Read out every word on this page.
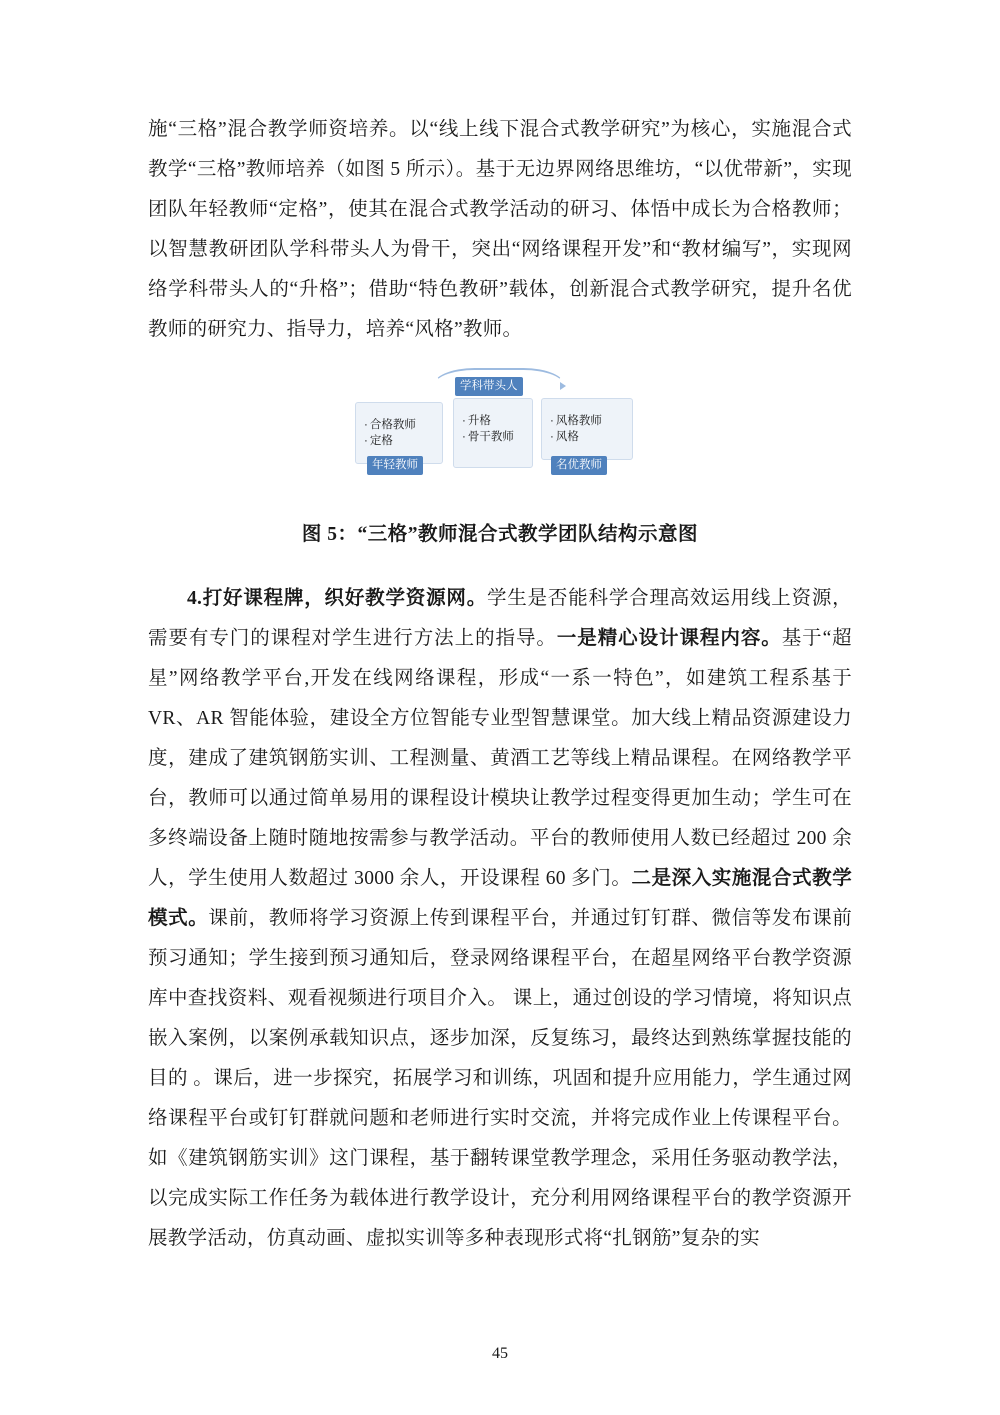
施“三格”混合教学师资培养。以“线上线下混合式教学研究”为核心，实施混合式教学“三格”教师培养（如图 5 所示）。基于无边界网络思维坊，“以优带新”，实现团队年轻教师“定格”，使其在混合式教学活动的研习、体悟中成长为合格教师；以智慧教研团队学科带头人为骨干，突出“网络课程开发”和“教材编写”，实现网络学科带头人的“升格”；借助“特色教研”载体，创新混合式教学研究，提升名优教师的研究力、指导力，培养“风格”教师。

· 合格教师
· 定格
· 升格
· 骨干教师
· 风格教师
· 风格
年轻教师
学科带头人
名优教师
图 5：“三格”教师混合式教学团队结构示意图

4.打好课程牌，织好教学资源网。学生是否能科学合理高效运用线上资源，需要有专门的课程对学生进行方法上的指导。一是精心设计课程内容。基于“超星”网络教学平台,开发在线网络课程，形成“一系一特色”，如建筑工程系基于 VR、AR 智能体验，建设全方位智能专业型智慧课堂。加大线上精品资源建设力度，建成了建筑钢筋实训、工程测量、黄酒工艺等线上精品课程。在网络教学平台，教师可以通过简单易用的课程设计模块让教学过程变得更加生动；学生可在多终端设备上随时随地按需参与教学活动。平台的教师使用人数已经超过 200 余人，学生使用人数超过 3000 余人，开设课程 60 多门。二是深入实施混合式教学模式。课前，教师将学习资源上传到课程平台，并通过钉钉群、微信等发布课前预习通知；学生接到预习通知后，登录网络课程平台，在超星网络平台教学资源库中查找资料、观看视频进行项目介入。 课上，通过创设的学习情境，将知识点嵌入案例，以案例承载知识点，逐步加深，反复练习，最终达到熟练掌握技能的目的 。课后，进一步探究，拓展学习和训练，巩固和提升应用能力，学生通过网络课程平台或钉钉群就问题和老师进行实时交流，并将完成作业上传课程平台。如《建筑钢筋实训》这门课程，基于翻转课堂教学理念，采用任务驱动教学法，以完成实际工作任务为载体进行教学设计，充分利用网络课程平台的教学资源开展教学活动，仿真动画、虚拟实训等多种表现形式将“扎钢筋”复杂的实

45
